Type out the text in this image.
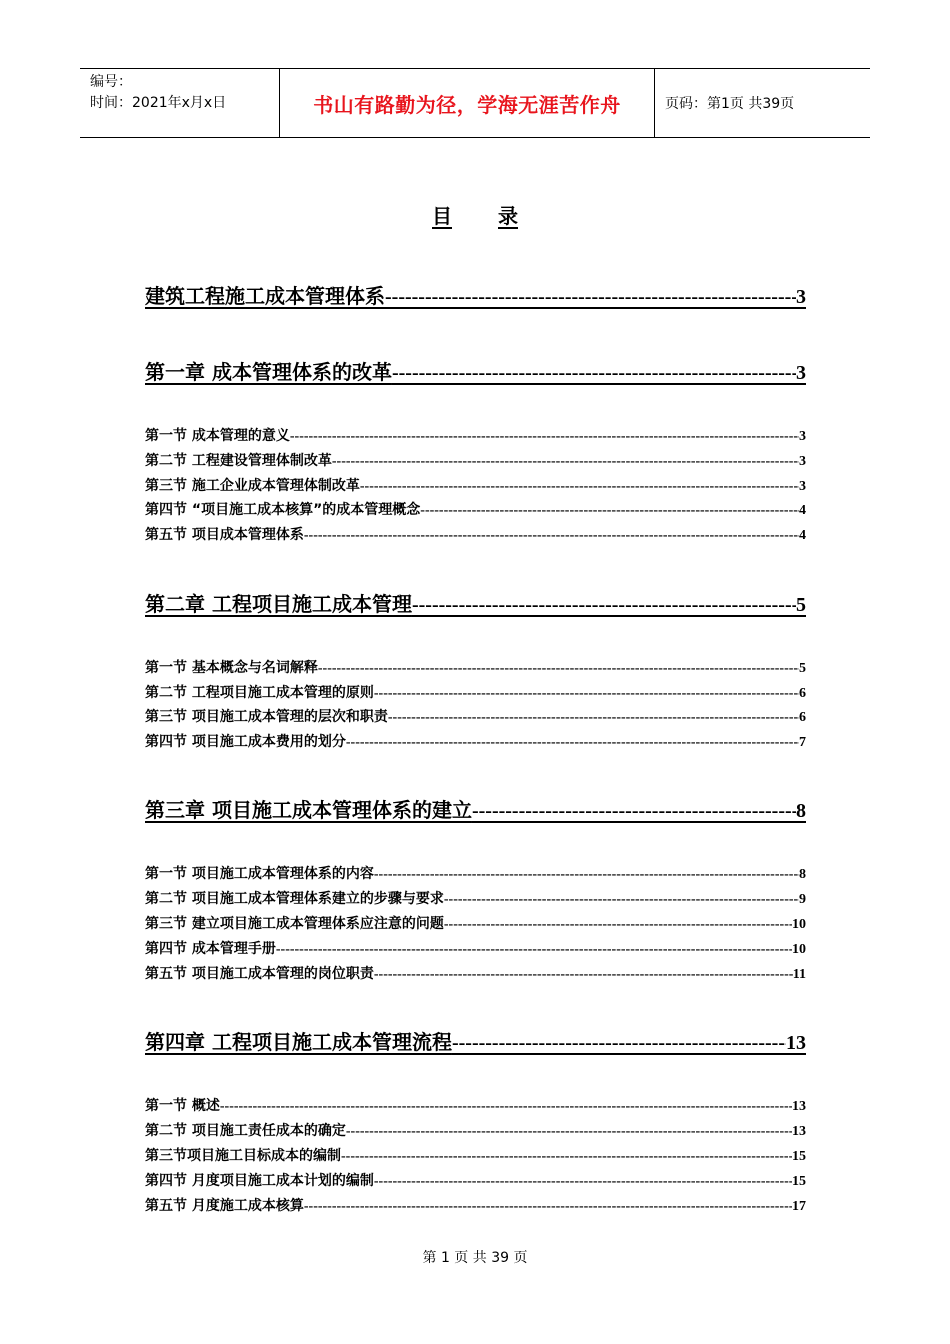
编号：
时间：2021年x月x日	书山有路勤为径，学海无涯苦作舟	页码：第1页 共39页
目 录
建筑工程施工成本管理体系 -----	3
第一章 成本管理体系的改革 -----	3
第一节 成本管理的意义 -----	3
第二节 工程建设管理体制改革 -----	3
第三节 施工企业成本管理体制改革 -----	3
第四节 “项目施工成本核算”的成本管理概念 -----	4
第五节 项目成本管理体系 -----	4
第二章 工程项目施工成本管理 -----	5
第一节 基本概念与名词解释 -----	5
第二节 工程项目施工成本管理的原则 -----	6
第三节 项目施工成本管理的层次和职责 -----	6
第四节 项目施工成本费用的划分 -----	7
第三章 项目施工成本管理体系的建立 -----	8
第一节 项目施工成本管理体系的内容 -----	8
第二节 项目施工成本管理体系建立的步骤与要求 -----	9
第三节 建立项目施工成本管理体系应注意的问题 -----	10
第四节 成本管理手册 -----	10
第五节 项目施工成本管理的岗位职责 -----	11
第四章 工程项目施工成本管理流程 -----	13
第一节 概述 -----	13
第二节 项目施工责任成本的确定 -----	13
第三节项目施工目标成本的编制 -----	15
第四节 月度项目施工成本计划的编制 -----	15
第五节 月度施工成本核算 -----	17
第 1 页 共 39 页
